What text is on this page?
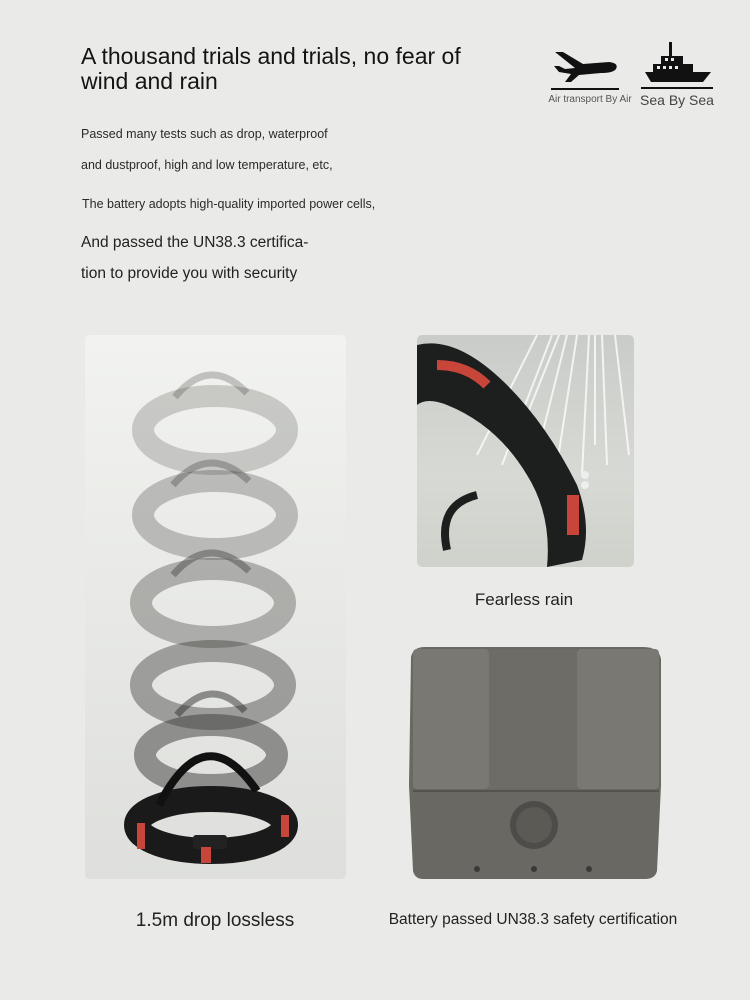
A thousand trials and trials, no fear of
wind and rain
Air transport By Air Sea By Sea
Passed many tests such as drop, waterproof
and dustproof, high and low temperature, etc,
The battery adopts high-quality imported power cells,
And passed the UN38.3 certifica-
tion to provide you with security
Fearless rain
1.5m drop lossless	Battery passed UN38.3 safety certification
